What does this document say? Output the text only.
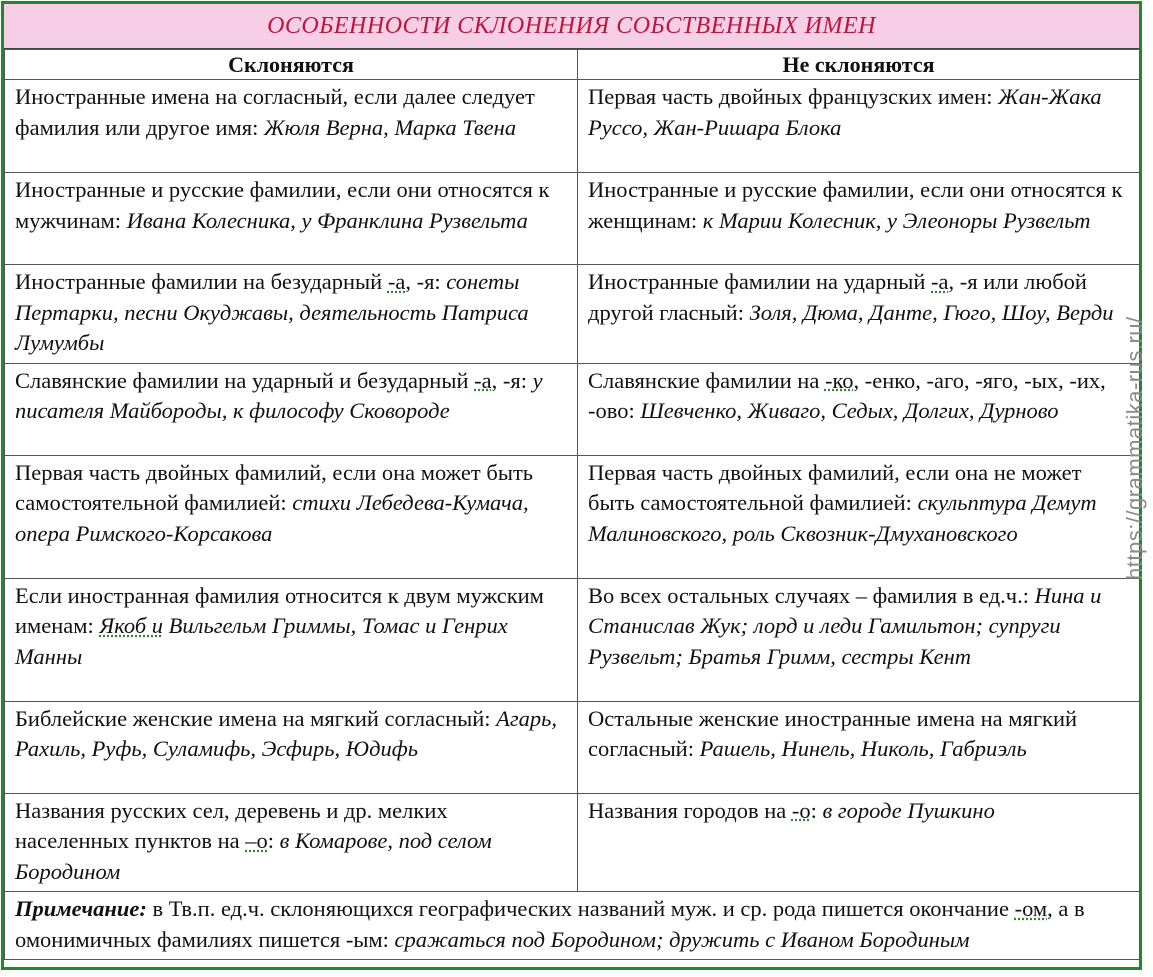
ОСОБЕННОСТИ СКЛОНЕНИЯ СОБСТВЕННЫХ ИМЕН
Склоняются	Не склоняются
Иностранные имена на согласный, если далее следует фамилия или другое имя: Жюля Верна, Марка Твена	Первая часть двойных французских имен: Жан-Жака Руссо, Жан-Ришара Блока
Иностранные и русские фамилии, если они относятся к мужчинам: Ивана Колесника, у Франклина Рузвельта	Иностранные и русские фамилии, если они относятся к женщинам: к Марии Колесник, у Элеоноры Рузвельт
Иностранные фамилии на безударный -а, -я: сонеты Пертарки, песни Окуджавы, деятельность Патриса Лумумбы	Иностранные фамилии на ударный -а, -я или любой другой гласный: Золя, Дюма, Данте, Гюго, Шоу, Верди
Славянские фамилии на ударный и безударный -а, -я: у писателя Майбороды, к философу Сковороде	Славянские фамилии на -ко, -енко, -аго, -яго, -ых, -их, -ово: Шевченко, Живаго, Седых, Долгих, Дурново
Первая часть двойных фамилий, если она может быть самостоятельной фамилией: стихи Лебедева-Кумача, опера Римского-Корсакова	Первая часть двойных фамилий, если она не может быть самостоятельной фамилией: скульптура Демут Малиновского, роль Сквозник-Дмухановского
Если иностранная фамилия относится к двум мужским именам: Якоб и Вильгельм Гриммы, Томас и Генрих Манны	Во всех остальных случаях – фамилия в ед.ч.: Нина и Станислав Жук; лорд и леди Гамильтон; супруги Рузвельт; Братья Гримм, сестры Кент
Библейские женские имена на мягкий согласный: Агарь, Рахиль, Руфь, Суламифь, Эсфирь, Юдифь	Остальные женские иностранные имена на мягкий согласный: Рашель, Нинель, Николь, Габриэль
Названия русских сел, деревень и др. мелких населенных пунктов на –о: в Комарове, под селом Бородином	Названия городов на -о: в городе Пушкино
Примечание: в Тв.п. ед.ч. склоняющихся географических названий муж. и ср. рода пишется окончание -ом, а в омонимичных фамилиях пишется -ым: сражаться под Бородином; дружить с Иваном Бородиным	
https://grammatika-rus.ru/
